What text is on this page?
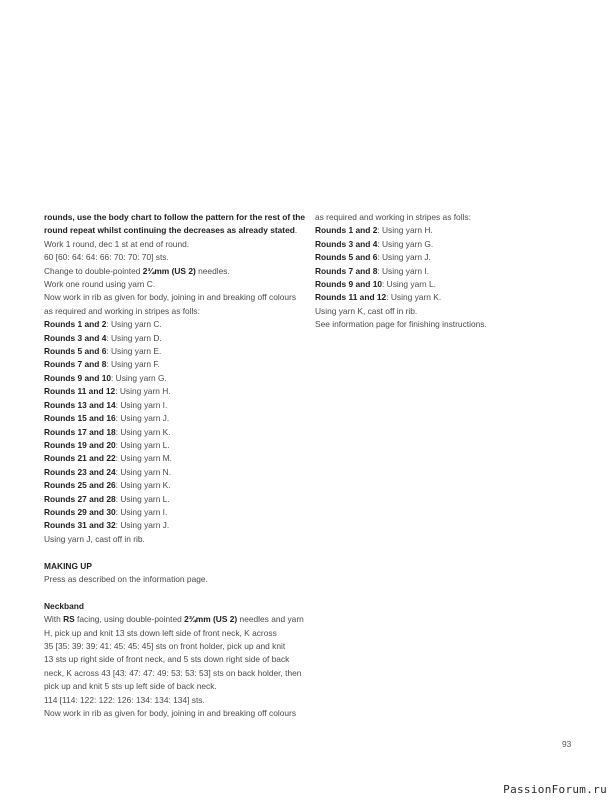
rounds, use the body chart to follow the pattern for the rest of the
round repeat whilst continuing the decreases as already stated.
Work 1 round, dec 1 st at end of round.
60 [60: 64: 64: 66: 70: 70: 70] sts.
Change to double-pointed 2¾mm (US 2) needles.
Work one round using yarn C.
Now work in rib as given for body, joining in and breaking off colours
as required and working in stripes as folls:
Rounds 1 and 2: Using yarn C.
Rounds 3 and 4: Using yarn D.
Rounds 5 and 6: Using yarn E.
Rounds 7 and 8: Using yarn F.
Rounds 9 and 10: Using yarn G.
Rounds 11 and 12: Using yarn H.
Rounds 13 and 14: Using yarn I.
Rounds 15 and 16: Using yarn J.
Rounds 17 and 18: Using yarn K.
Rounds 19 and 20: Using yarn L.
Rounds 21 and 22: Using yarn M.
Rounds 23 and 24: Using yarn N.
Rounds 25 and 26: Using yarn K.
Rounds 27 and 28: Using yarn L.
Rounds 29 and 30: Using yarn I.
Rounds 31 and 32: Using yarn J.
Using yarn J, cast off in rib.
MAKING UP
Press as described on the information page.
Neckband
With RS facing, using double-pointed 2¾mm (US 2) needles and yarn
H, pick up and knit 13 sts down left side of front neck, K across
35 [35: 39: 39: 41: 45: 45: 45] sts on front holder, pick up and knit
13 sts up right side of front neck, and 5 sts down right side of back
neck, K across 43 [43: 47: 47: 49: 53: 53: 53] sts on back holder, then
pick up and knit 5 sts up left side of back neck.
114 [114: 122: 122: 126: 134: 134: 134] sts.
Now work in rib as given for body, joining in and breaking off colours
as required and working in stripes as folls:
Rounds 1 and 2: Using yarn H.
Rounds 3 and 4: Using yarn G.
Rounds 5 and 6: Using yarn J.
Rounds 7 and 8: Using yarn I.
Rounds 9 and 10: Using yarn L.
Rounds 11 and 12: Using yarn K.
Using yarn K, cast off in rib.
See information page for finishing instructions.
93
PassionForum.ru
